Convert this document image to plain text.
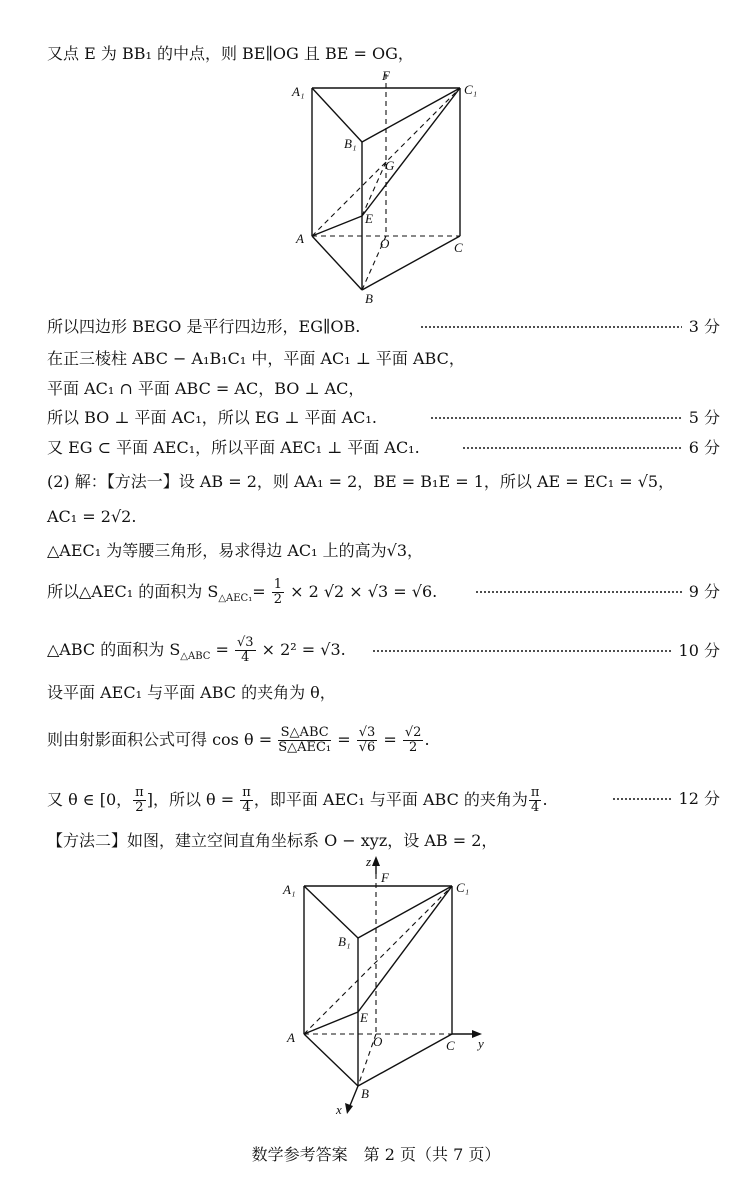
又点 E 为 BB₁ 的中点，则 BE∥OG 且 BE = OG，
A₁
F
C₁
B₁
G
E
A	O	C
B
所以四边形 BEGO 是平行四边形，EG∥OB.	3 分
在正三棱柱 ABC − A₁B₁C₁ 中，平面 AC₁ ⊥ 平面 ABC，
平面 AC₁ ∩ 平面 ABC = AC，BO ⊥ AC，
所以 BO ⊥ 平面 AC₁，所以 EG ⊥ 平面 AC₁.	5 分
又 EG ⊂ 平面 AEC₁，所以平面 AEC₁ ⊥ 平面 AC₁.	6 分
(2) 解：【方法一】设 AB = 2，则 AA₁ = 2，BE = B₁E = 1，所以 AE = EC₁ = √5，
AC₁ = 2√2.
△AEC₁ 为等腰三角形，易求得边 AC₁ 上的高为√3，
所以△AEC₁ 的面积为 $S_{\triangle AEC_1}= \frac{1}{2} \times 2$ √2 × √3 = √6.	9 分
△ABC 的面积为 $S_{\triangle ABC} = \frac{√3}{4} \times 2^2 = √3$.	10 分
设平面 AEC₁ 与平面 ABC 的夹角为 θ，
则由射影面积公式可得 $\cos \theta = \frac{\text{S△ABC}}{\text{S△AEC₁}} = \frac{√3}{√6} = \frac{√2}{2}$ .
又 θ ∈ [0， $\frac{\pi}{2}$ ]，所以 $\theta = \frac{\pi}{4}$ ，即平面 AEC₁ 与平面 ABC 的夹角为 $\frac{\pi}{4}$ .	12 分
【方法二】如图，建立空间直角坐标系 O − xyz，设 AB = 2，
z
A₁
F
C₁
B₁
E
A	O	C y
B
x
数学参考答案　第 2 页（共 7 页）
